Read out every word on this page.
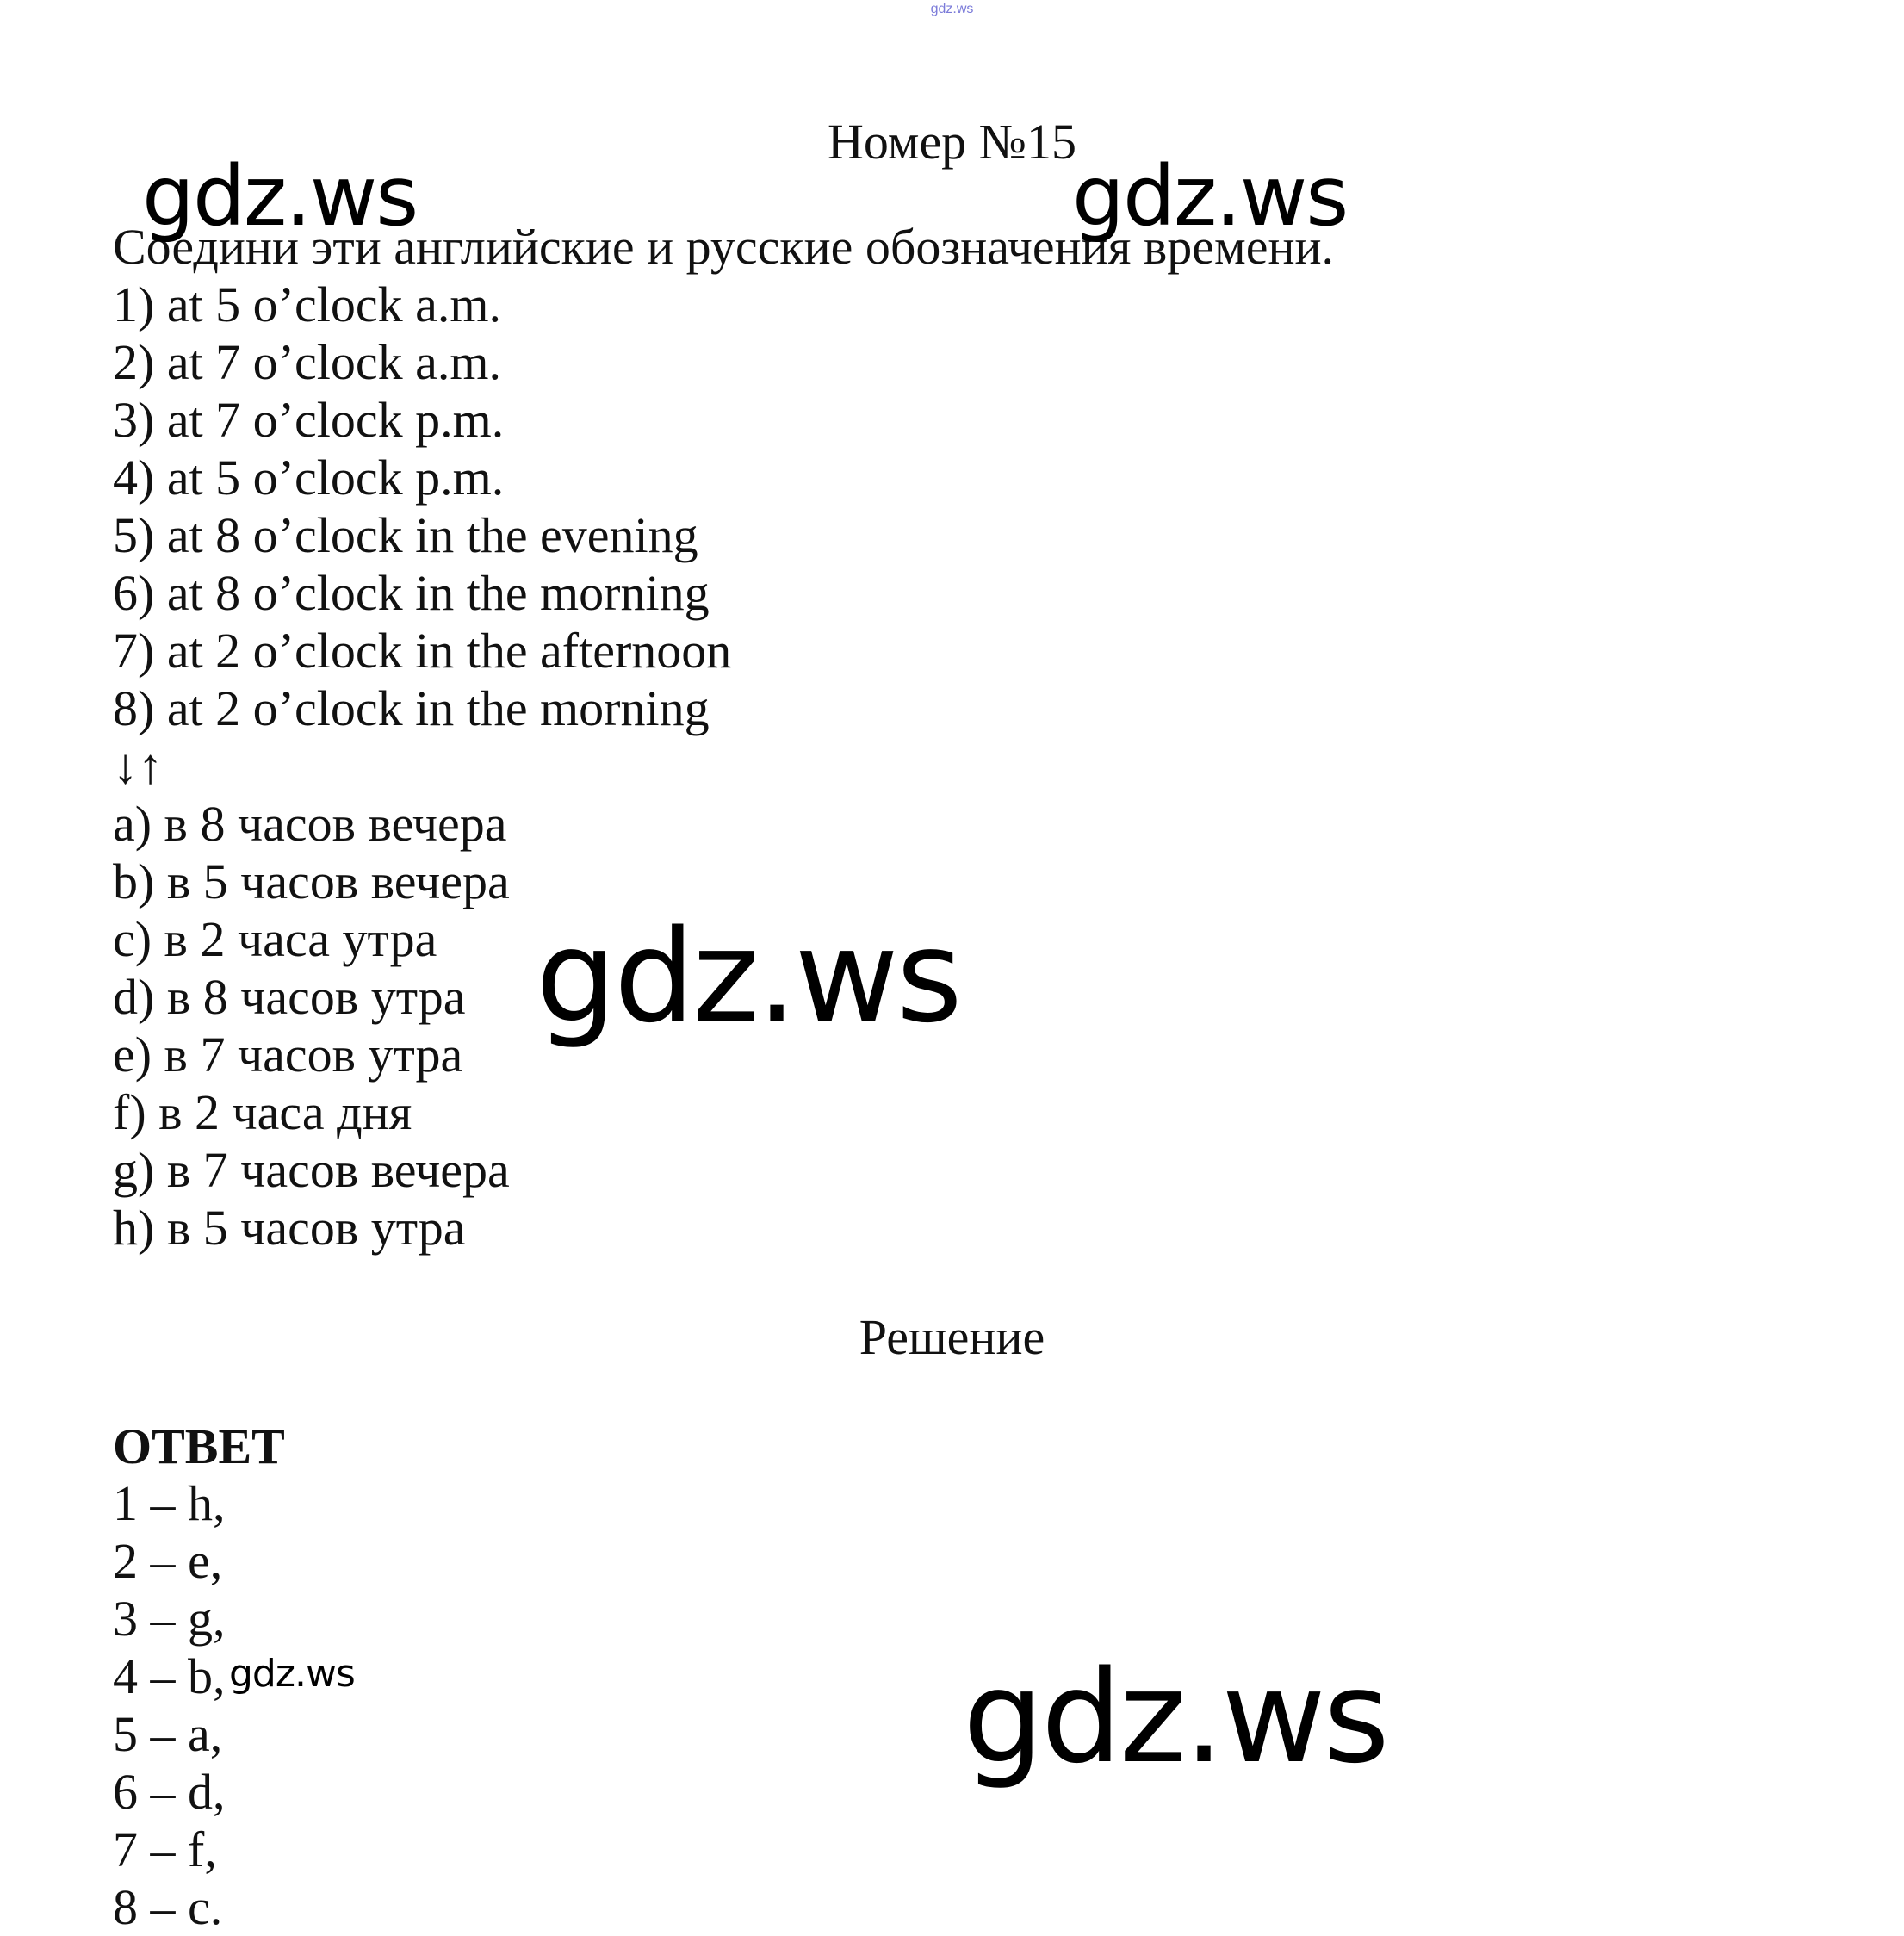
gdz.ws
Номер №15
Соедини эти английские и русские обозначения времени.
1) at 5 o’clock a.m.
2) at 7 o’clock a.m.
3) at 7 o’clock p.m.
4) at 5 o’clock p.m.
5) at 8 o’clock in the evening
6) at 8 o’clock in the morning
7) at 2 o’clock in the afternoon
8) at 2 o’clock in the morning
↓↑
a) в 8 часов вечера
b) в 5 часов вечера
c) в 2 часа утра
d) в 8 часов утра
e) в 7 часов утра
f) в 2 часа дня
g) в 7 часов вечера
h) в 5 часов утра
Решение
ОТВЕТ
1 – h,
2 – e,
3 – g,
4 – b,
5 – a,
6 – d,
7 – f,
8 – c.
gdz.ws	gdz.ws
gdz.ws
gdz.ws
gdz.ws
